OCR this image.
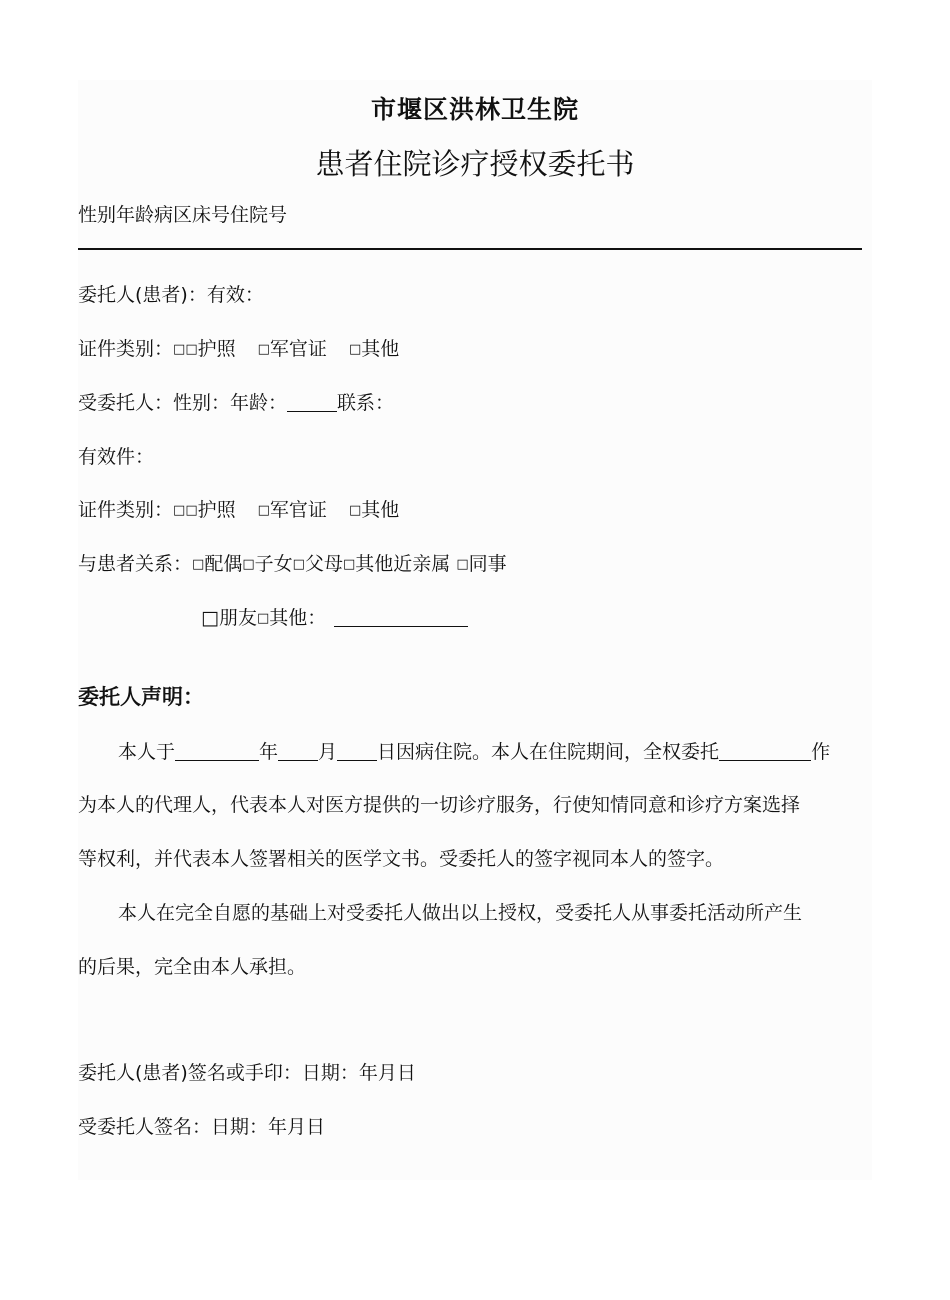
市堰区洪林卫生院
患者住院诊疗授权委托书
性别年龄病区床号住院号
委托人(患者)：有效：
证件类别：□□护照 □军官证 □其他
受委托人：性别：年龄：	联系：
有效件：
证件类别：□□护照 □军官证 □其他
与患者关系：□配偶□子女□父母□其他近亲属 □同事
□朋友□其他：
委托人声明：
本人于	年 月 日因病住院。本人在住院期间，全权委托	作
为本人的代理人，代表本人对医方提供的一切诊疗服务，行使知情同意和诊疗方案选择
等权利，并代表本人签署相关的医学文书。受委托人的签字视同本人的签字。
本人在完全自愿的基础上对受委托人做出以上授权，受委托人从事委托活动所产生
的后果，完全由本人承担。
委托人(患者)签名或手印：日期：年月日
受委托人签名：日期：年月日
